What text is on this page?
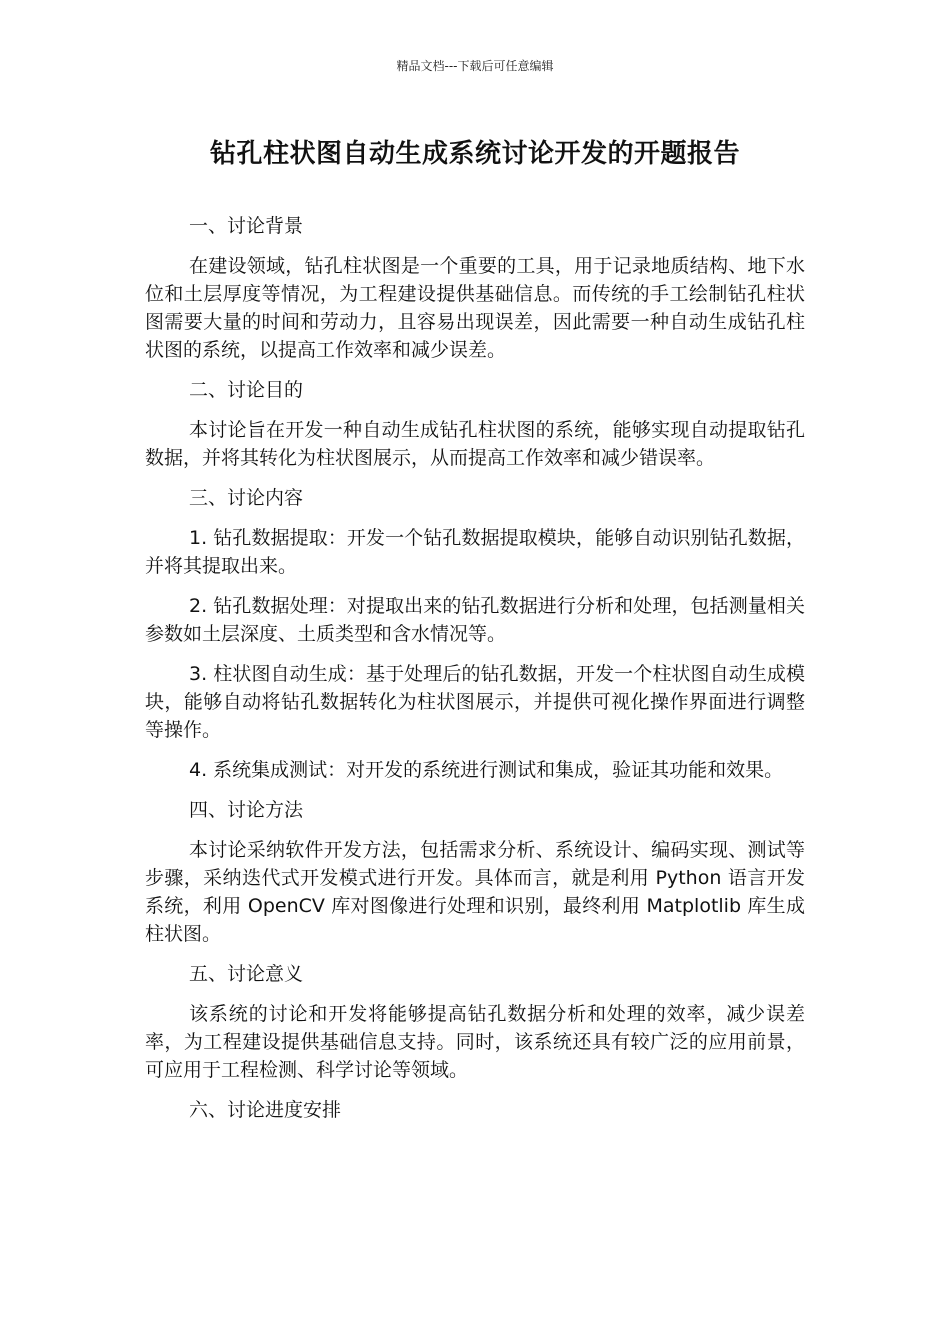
精品文档---下载后可任意编辑
钻孔柱状图自动生成系统讨论开发的开题报告
一、讨论背景

在建设领域，钻孔柱状图是一个重要的工具，用于记录地质结构、地下水位和土层厚度等情况，为工程建设提供基础信息。而传统的手工绘制钻孔柱状图需要大量的时间和劳动力，且容易出现误差，因此需要一种自动生成钻孔柱状图的系统，以提高工作效率和减少误差。

二、讨论目的

本讨论旨在开发一种自动生成钻孔柱状图的系统，能够实现自动提取钻孔数据，并将其转化为柱状图展示，从而提高工作效率和减少错误率。

三、讨论内容

1. 钻孔数据提取：开发一个钻孔数据提取模块，能够自动识别钻孔数据，并将其提取出来。

2. 钻孔数据处理：对提取出来的钻孔数据进行分析和处理，包括测量相关参数如土层深度、土质类型和含水情况等。

3. 柱状图自动生成：基于处理后的钻孔数据，开发一个柱状图自动生成模块，能够自动将钻孔数据转化为柱状图展示，并提供可视化操作界面进行调整等操作。

4. 系统集成测试：对开发的系统进行测试和集成，验证其功能和效果。

四、讨论方法

本讨论采纳软件开发方法，包括需求分析、系统设计、编码实现、测试等步骤，采纳迭代式开发模式进行开发。具体而言，就是利用 Python 语言开发系统，利用 OpenCV 库对图像进行处理和识别，最终利用 Matplotlib 库生成柱状图。

五、讨论意义

该系统的讨论和开发将能够提高钻孔数据分析和处理的效率，减少误差率，为工程建设提供基础信息支持。同时，该系统还具有较广泛的应用前景，可应用于工程检测、科学讨论等领域。

六、讨论进度安排
